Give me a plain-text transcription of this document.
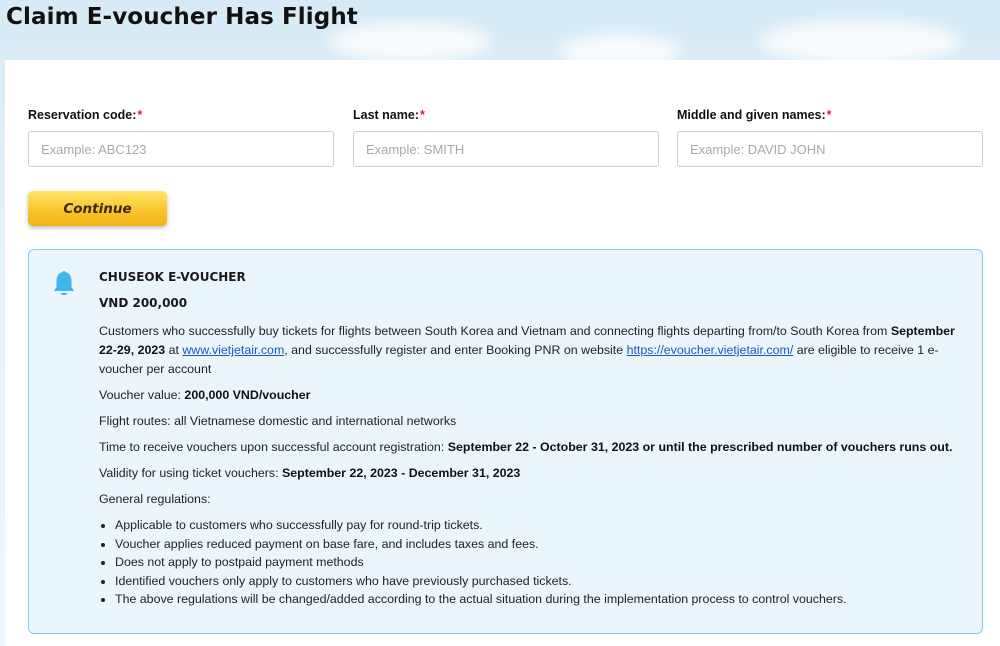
Claim E-voucher Has Flight
Reservation code:*
Example: ABC123	Last name:*
Example: SMITH	Middle and given names:*
Example: DAVID JOHN
Continue

CHUSEOK E-VOUCHER

VND 200,000

Customers who successfully buy tickets for flights between South Korea and Vietnam and connecting flights departing from/to South Korea from September 22-29, 2023 at www.vietjetair.com, and successfully register and enter Booking PNR on website https://evoucher.vietjetair.com/ are eligible to receive 1 e-voucher per account

Voucher value: 200,000 VND/voucher

Flight routes: all Vietnamese domestic and international networks

Time to receive vouchers upon successful account registration: September 22 - October 31, 2023 or until the prescribed number of vouchers runs out.

Validity for using ticket vouchers: September 22, 2023 - December 31, 2023

General regulations:

• Applicable to customers who successfully pay for round-trip tickets.
• Voucher applies reduced payment on base fare, and includes taxes and fees.
• Does not apply to postpaid payment methods
• Identified vouchers only apply to customers who have previously purchased tickets.
• The above regulations will be changed/added according to the actual situation during the implementation process to control vouchers.
